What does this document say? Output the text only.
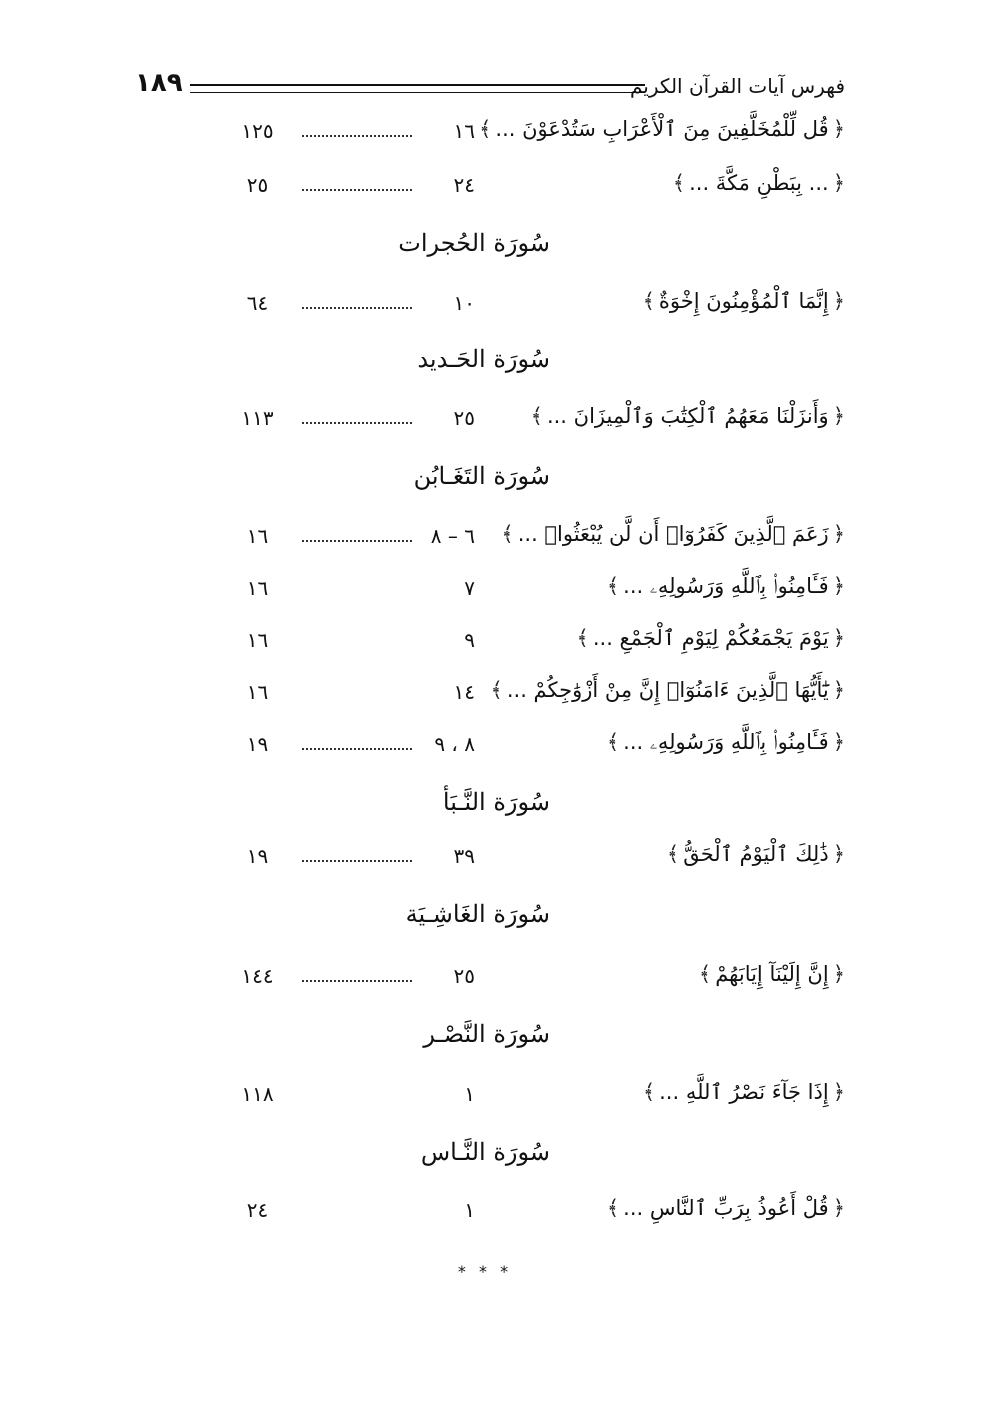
فهرس آيات القرآن الكريم
١٨٩
﴿قُل لِّلْمُخَلَّفِينَ مِنَ ٱلْأَعْرَابِ سَتُدْعَوْنَ ...﴾
١٦
١٢٥
﴿... بِبَطْنِ مَكَّةَ ...﴾
٢٤
٢٥
سُورَة الحُجرات
﴿إِنَّمَا ٱلْمُؤْمِنُونَ إِخْوَةٌ﴾
١٠
٦٤
سُورَة الحَـديد
﴿وَأَنزَلْنَا مَعَهُمُ ٱلْكِتَٰبَ وَٱلْمِيزَانَ ...﴾
٢٥
١١٣
سُورَة التَغَـابُن
﴿زَعَمَ ٱلَّذِينَ كَفَرُوٓا۟ أَن لَّن يُبْعَثُوا۟ ...﴾
٦ – ٨
١٦
﴿فَـَٔامِنُوا۟ بِٱللَّهِ وَرَسُولِهِۦ ...﴾
٧
١٦
﴿يَوْمَ يَجْمَعُكُمْ لِيَوْمِ ٱلْجَمْعِ ...﴾
٩
١٦
﴿يَٰٓأَيُّهَا ٱلَّذِينَ ءَامَنُوٓا۟ إِنَّ مِنْ أَزْوَٰجِكُمْ ...﴾
١٤
١٦
﴿فَـَٔامِنُوا۟ بِٱللَّهِ وَرَسُولِهِۦ ...﴾
٨ ، ٩
١٩
سُورَة النَّـبَأ
﴿ذَٰلِكَ ٱلْيَوْمُ ٱلْحَقُّ﴾
٣٩
١٩
سُورَة الغَاشِـيَة
﴿إِنَّ إِلَيْنَآ إِيَابَهُمْ﴾
٢٥
١٤٤
سُورَة النَّصْـر
﴿إِذَا جَآءَ نَصْرُ ٱللَّهِ ...﴾
١
١١٨
سُورَة النَّـاس
﴿قُلْ أَعُوذُ بِرَبِّ ٱلنَّاسِ ...﴾
١
٢٤
* * *
